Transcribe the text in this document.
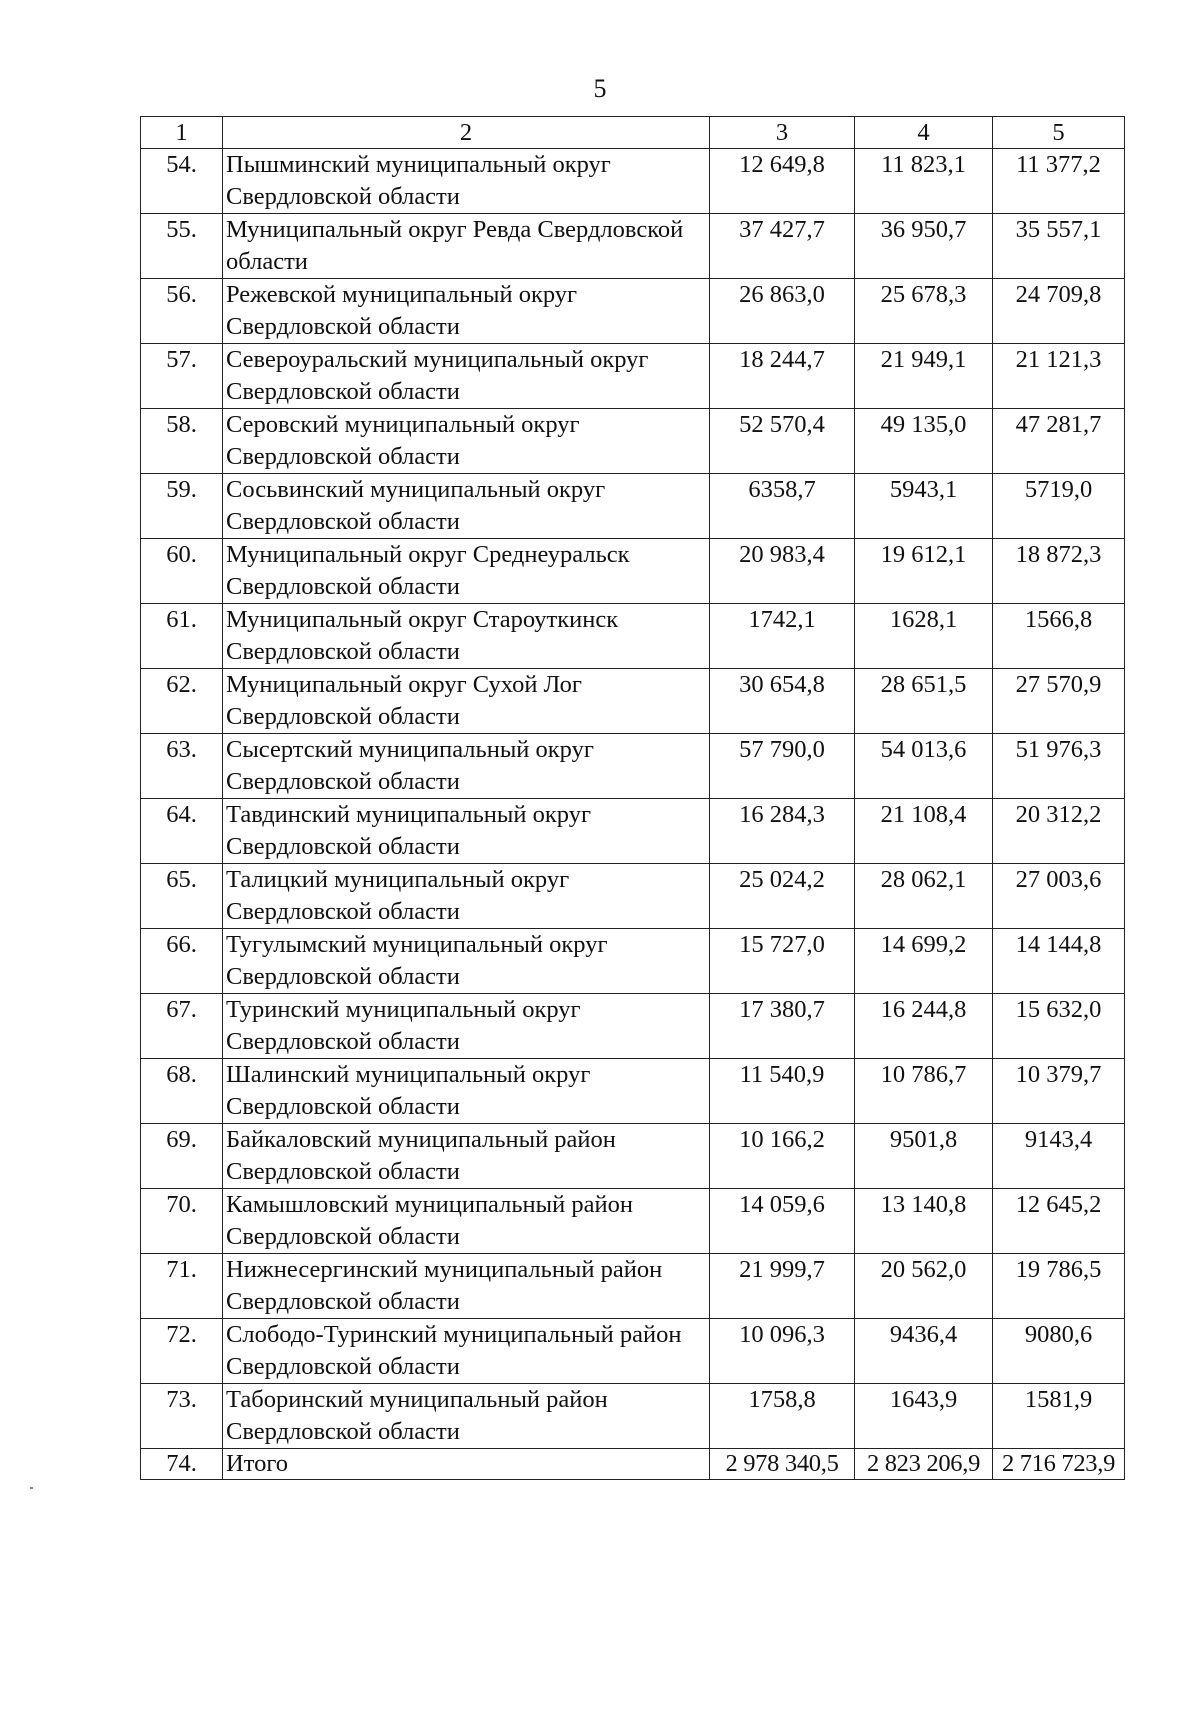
5
1	2	3	4	5
54.	Пышминский муниципальный округ Свердловской области	12 649,8	11 823,1	11 377,2
55.	Муниципальный округ Ревда Свердловской области	37 427,7	36 950,7	35 557,1
56.	Режевской муниципальный округ Свердловской области	26 863,0	25 678,3	24 709,8
57.	Североуральский муниципальный округ Свердловской области	18 244,7	21 949,1	21 121,3
58.	Серовский муниципальный округ Свердловской области	52 570,4	49 135,0	47 281,7
59.	Сосьвинский муниципальный округ Свердловской области	6358,7	5943,1	5719,0
60.	Муниципальный округ Среднеуральск Свердловской области	20 983,4	19 612,1	18 872,3
61.	Муниципальный округ Староуткинск Свердловской области	1742,1	1628,1	1566,8
62.	Муниципальный округ Сухой Лог Свердловской области	30 654,8	28 651,5	27 570,9
63.	Сысертский муниципальный округ Свердловской области	57 790,0	54 013,6	51 976,3
64.	Тавдинский муниципальный округ Свердловской области	16 284,3	21 108,4	20 312,2
65.	Талицкий муниципальный округ Свердловской области	25 024,2	28 062,1	27 003,6
66.	Тугулымский муниципальный округ Свердловской области	15 727,0	14 699,2	14 144,8
67.	Туринский муниципальный округ Свердловской области	17 380,7	16 244,8	15 632,0
68.	Шалинский муниципальный округ Свердловской области	11 540,9	10 786,7	10 379,7
69.	Байкаловский муниципальный район Свердловской области	10 166,2	9501,8	9143,4
70.	Камышловский муниципальный район Свердловской области	14 059,6	13 140,8	12 645,2
71.	Нижнесергинский муниципальный район Свердловской области	21 999,7	20 562,0	19 786,5
72.	Слободо-Туринский муниципальный район Свердловской области	10 096,3	9436,4	9080,6
73.	Таборинский муниципальный район Свердловской области	1758,8	1643,9	1581,9
74.	Итого	2 978 340,5	2 823 206,9	2 716 723,9
